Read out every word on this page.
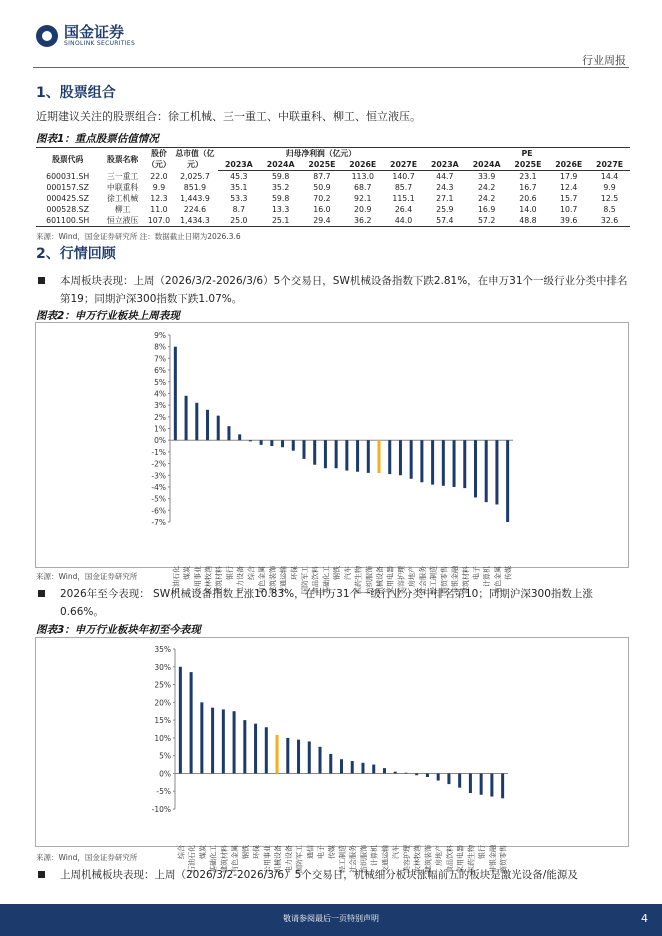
国金证券
SINOLINK SECURITIES
行业周报
1、股票组合
近期建议关注的股票组合：徐工机械、三一重工、中联重科、柳工、恒立液压。
图表1：重点股票估值情况
股票代码	股票名称	股价（元）	总市值（亿元）	归母净利润（亿元）					PE				
				2023A	2024A	2025E	2026E	2027E	2023A	2024A	2025E	2026E	2027E
600031.SH	三一重工	22.0	2,025.7	45.3	59.8	87.7	113.0	140.7	44.7	33.9	23.1	17.9	14.4
000157.SZ	中联重科	9.9	851.9	35.1	35.2	50.9	68.7	85.7	24.3	24.2	16.7	12.4	9.9
000425.SZ	徐工机械	12.3	1,443.9	53.3	59.8	70.2	92.1	115.1	27.1	24.2	20.6	15.7	12.5
000528.SZ	柳工	11.0	224.6	8.7	13.3	16.0	20.9	26.4	25.9	16.9	14.0	10.7	8.5
601100.SH	恒立液压	107.0	1,434.3	25.0	25.1	29.4	36.2	44.0	57.4	57.2	48.8	39.6	32.6
来源：Wind，国金证券研究所 注：数据截止日期为2026.3.6
2、行情回顾
本周板块表现：上周（2026/3/2-2026/3/6）5个交易日，SW机械设备指数下跌2.81%，在申万31个一级行业分类中排名第19；同期沪深300指数下跌1.07%。
图表2：申万行业板块上周表现
-7%
-6%
-5%
-4%
-3%
-2%
-1%
0%
1%
2%
3%
4%
5%
6%
7%
8%
9%
石油石化 煤炭 公用事业 农林牧渔 建筑材料 银行 电力设备 综合 有色金属 建筑装饰 交通运输 环保 国防军工 食品饮料 基础化工 钢铁 汽车 医药生物 纺织服饰 机械设备 家用电器 美容护理 房地产 社会服务 轻工制造 商贸零售 非银金融 建筑材料 电子 计算机 有色金属 传媒
来源：Wind，国金证券研究所
2026年至今表现： SW机械设备指数上涨10.83%，在申万31个一级行业分类中排名第10；同期沪深300指数上涨0.66%。
图表3：申万行业板块年初至今表现
-10%
-5%
0%
5%
10%
15%
20%
25%
30%
35%
综合 石油石化 煤炭 基础化工 建筑材料 有色金属 钢铁 环保 公用事业 机械设备 电力设备 国防军工 通信 电子 传媒 轻工制造 社会服务 纺织服饰 计算机 交通运输 汽车 美容护理 农林牧渔 建筑装饰 房地产 食品饮料 家用电器 医药生物 银行 非银金融 商贸零售
来源：Wind，国金证券研究所
上周机械板块表现：上周（2026/3/2-2026/3/6）5个交易日，机械细分板块涨幅前五的板块是激光设备/能源及
敬请参阅最后一页特别声明	4
